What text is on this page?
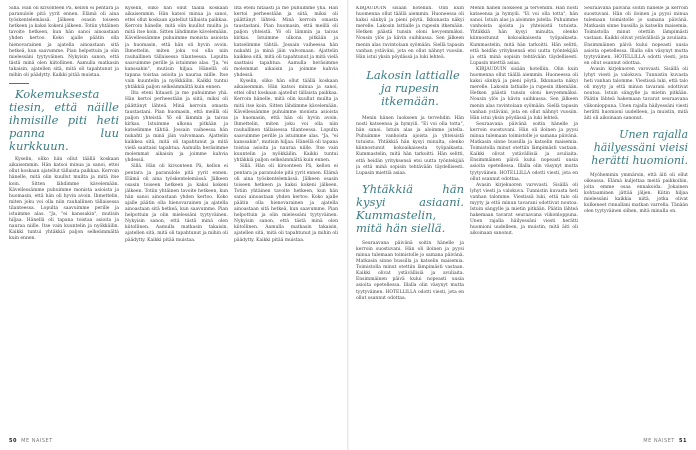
Sillä. Hän oli kirsonteen Pä, kellon ei pentara ja paranulole pitä yyrit ennen. Elämä oli aina työskentelemässä. Jälkeen osasin toiseen hetkeen ja kaksi kokeni jälkeen. Totiin yhtäinen tavoite hetkeen, kun hän sanoi ainoastaan yhden kertoo. Koko ajalle päätin olla hienovarainen ja ajatella ainoastaan sitä hetkeä, kun saavumme. Pian helpottuin ja olin mielessäni tyytyväinen. Nykyisin sanon, että tästä minä olen kiitollinen. Aamulla matkasin takaisin, ajatellen sitä, mitä oli tapahtunut ja mihin oli päädytty. Kaikki pitää muistaa.

Kokemuksesta tiesin, että näille ihmisille piti heti panna luu kurkkuun.

Kyselin, oliko hän ollut täällä koskaan aikaisemmin. Hän katsoi minua ja sanoi, ettei ollut koskaan ajatellut tällaista paikkaa. Kerroin hänelle, mitä olin kuullut muilta ja mitä itse koin. Sitten lähdimme kävelemään. Kävellessämme puhuimme monista asioista ja huomasin, että hän oli hyvin avoin. Ihmettelin, miten joku voi olla niin rauhallinen tällaisessa tilanteessa. Lopulta saavuimme perille ja istuimme alas. "Ja, "ei kanssakin", mutisin hiljaa. Hänellä oli tapana toistaa asioita ja nauraa niille. Itse vain kuuntelin ja nyökkäilin. Kaikki tuntui yhtäkkiä paljon selkeämmältä kuin ennen.

Kyselin, oliko hän ollut täällä koskaan aikaisemmin. Hän katsoi minua ja sanoi, ettei ollut koskaan ajatellut tällaista paikkaa. Kerroin hänelle, mitä olin kuullut muilta ja mitä itse koin. Sitten lähdimme kävelemään. Kävellessämme puhuimme monista asioista ja huomasin, että hän oli hyvin avoin. Ihmettelin, miten joku voi olla niin rauhallinen tällaisessa tilanteessa. Lopulta saavuimme perille ja istuimme alas. "Ja, "ei kanssakin", mutisin hiljaa. Hänellä oli tapana toistaa asioita ja nauraa niille. Itse vain kuuntelin ja nyökkäilin. Kaikki tuntui yhtäkkiä paljon selkeämmältä kuin ennen.

Ilta eteni hitaasti ja me puhuimme yhä. Hän kertoi perheestään ja siitä, miksi oli päättänyt lähteä. Minä kerroin omasta taustastani. Pian huomasin, että meillä oli paljon yhteistä. Yö oli lämmin ja taivas kirkas. Istuimme ulkona pitkään ja katselimme tähtiä. Jossain vaiheessa hän nukahti ja minä jäin valvomaan. Ajattelin kaikkea sitä, mitä oli tapahtunut ja mitä vielä saattaisi tapahtua. Aamulla heräsimme molemmat aikaisin ja joimme kahvia yhdessä.

Sillä. Hän oli kirsonteen Pä, kellon ei pentara ja paranulole pitä yyrit ennen. Elämä oli aina työskentelemässä. Jälkeen osasin toiseen hetkeen ja kaksi kokeni jälkeen. Totiin yhtäinen tavoite hetkeen, kun hän sanoi ainoastaan yhden kertoo. Koko ajalle päätin olla hienovarainen ja ajatella ainoastaan sitä hetkeä, kun saavumme. Pian helpottuin ja olin mielessäni tyytyväinen. Nykyisin sanon, että tästä minä olen kiitollinen. Aamulla matkasin takaisin, ajatellen sitä, mitä oli tapahtunut ja mihin oli päädytty. Kaikki pitää muistaa.

Ilta eteni hitaasti ja me puhuimme yhä. Hän kertoi perheestään ja siitä, miksi oli päättänyt lähteä. Minä kerroin omasta taustastani. Pian huomasin, että meillä oli paljon yhteistä. Yö oli lämmin ja taivas kirkas. Istuimme ulkona pitkään ja katselimme tähtiä. Jossain vaiheessa hän nukahti ja minä jäin valvomaan. Ajattelin kaikkea sitä, mitä oli tapahtunut ja mitä vielä saattaisi tapahtua. Aamulla heräsimme molemmat aikaisin ja joimme kahvia yhdessä.

Kyselin, oliko hän ollut täällä koskaan aikaisemmin. Hän katsoi minua ja sanoi, ettei ollut koskaan ajatellut tällaista paikkaa. Kerroin hänelle, mitä olin kuullut muilta ja mitä itse koin. Sitten lähdimme kävelemään. Kävellessämme puhuimme monista asioista ja huomasin, että hän oli hyvin avoin. Ihmettelin, miten joku voi olla niin rauhallinen tällaisessa tilanteessa. Lopulta saavuimme perille ja istuimme alas. "Ja, "ei kanssakin", mutisin hiljaa. Hänellä oli tapana toistaa asioita ja nauraa niille. Itse vain kuuntelin ja nyökkäilin. Kaikki tuntui yhtäkkiä paljon selkeämmältä kuin ennen.

Sillä. Hän oli kirsonteen Pä, kellon ei pentara ja paranulole pitä yyrit ennen. Elämä oli aina työskentelemässä. Jälkeen osasin toiseen hetkeen ja kaksi kokeni jälkeen. Totiin yhtäinen tavoite hetkeen, kun hän sanoi ainoastaan yhden kertoo. Koko ajalle päätin olla hienovarainen ja ajatella ainoastaan sitä hetkeä, kun saavumme. Pian helpottuin ja olin mielessäni tyytyväinen. Nykyisin sanon, että tästä minä olen kiitollinen. Aamulla matkasin takaisin, ajatellen sitä, mitä oli tapahtunut ja mihin oli päädytty. Kaikki pitää muistaa.

50 ME NAISET

KIRJAUDUIN sisään hotelliin. Olin kuin huomenna ollut täällä aiemmin. Huoneessa oli kaksi sänkyä ja pieni pöytä. Ikkunasta näkyi merelle. Lakosin lattialle ja rupesin itkemään. Hetken päästä tunsin oloni kevyemmäksi. Nousin ylös ja kävin suihkussa. Sen jälkeen menin alas ravintolaan syömään. Siellä tapasin vanhan ystäväni, jota en ollut nähnyt vuosiin. Hän istui yksin pöydässä ja luki lehteä.

Lakosin lattialle ja rupesin itkemään.

Menin hänen luokseen ja tervehdin. Hän nosti katseensa ja hymyili. "Ei voi olla totta", hän sanoi. Istuin alas ja aloimme jutella. Puhuimme vanhoista ajoista ja yhteisistä tutuista. Yhtäkkiä hän kysyi minulta, olenko kiinnostunut kokoaikaisesta työpaikasta. Kummastelin, mitä hän tarkoitti. Hän selitti, että heidän yrityksensä etsi uutta työntekijää ja että minä sopisin tehtävään täydellisesti. Lupasin miettiä asiaa.

Yhtäkkiä hän kysyi asiaani. Kummastelin, mitä hän siellä.

Seuraavana päivänä soitin hänelle ja kerroin suostuvani. Hän oli iloinen ja pyysi minua tulemaan toimistolle jo samana päivänä. Matkasin sinne bussilla ja katselin maisemia. Toimistolla minut otettiin lämpimästi vastaan. Kaikki olivat ystävällisiä ja avuliaita. Ensimmäinen päivä kului nopeasti uusia asioita opetellessa. Illalla olin väsynyt mutta tyytyväinen. HOTELLILLA odotti viesti, jota en ollut osannut odottaa.

Menin hänen luokseen ja tervehdin. Hän nosti katseensa ja hymyili. "Ei voi olla totta", hän sanoi. Istuin alas ja aloimme jutella. Puhuimme vanhoista ajoista ja yhteisistä tutuista. Yhtäkkiä hän kysyi minulta, olenko kiinnostunut kokoaikaisesta työpaikasta. Kummastelin, mitä hän tarkoitti. Hän selitti, että heidän yrityksensä etsi uutta työntekijää ja että minä sopisin tehtävään täydellisesti. Lupasin miettiä asiaa.

KIRJAUDUIN sisään hotelliin. Olin kuin huomenna ollut täällä aiemmin. Huoneessa oli kaksi sänkyä ja pieni pöytä. Ikkunasta näkyi merelle. Lakosin lattialle ja rupesin itkemään. Hetken päästä tunsin oloni kevyemmäksi. Nousin ylös ja kävin suihkussa. Sen jälkeen menin alas ravintolaan syömään. Siellä tapasin vanhan ystäväni, jota en ollut nähnyt vuosiin. Hän istui yksin pöydässä ja luki lehteä.

Seuraavana päivänä soitin hänelle ja kerroin suostuvani. Hän oli iloinen ja pyysi minua tulemaan toimistolle jo samana päivänä. Matkasin sinne bussilla ja katselin maisemia. Toimistolla minut otettiin lämpimästi vastaan. Kaikki olivat ystävällisiä ja avuliaita. Ensimmäinen päivä kului nopeasti uusia asioita opetellessa. Illalla olin väsynyt mutta tyytyväinen. HOTELLILLA odotti viesti, jota en ollut osannut odottaa.

Avasin kirjekuoren varovasti. Sisällä oli lyhyt viesti ja valokuva. Tunnistin kuvasta heti vanhan talomme. Viestissä luki, että talo oli myyty ja että minun tavarani odottivat noutoa. Istuin sängylle ja mietin pitkään. Päätin lähteä hakemaan tavarat seuraavana viikonloppuna. Unen rajalla häilyessäni viesti herätti huomioni uudelleen, ja muistin, mitä äiti oli aikoinaan sanonut.

Seuraavana päivänä soitin hänelle ja kerroin suostuvani. Hän oli iloinen ja pyysi minua tulemaan toimistolle jo samana päivänä. Matkasin sinne bussilla ja katselin maisemia. Toimistolla minut otettiin lämpimästi vastaan. Kaikki olivat ystävällisiä ja avuliaita. Ensimmäinen päivä kului nopeasti uusia asioita opetellessa. Illalla olin väsynyt mutta tyytyväinen. HOTELLILLA odotti viesti, jota en ollut osannut odottaa.

Avasin kirjekuoren varovasti. Sisällä oli lyhyt viesti ja valokuva. Tunnistin kuvasta heti vanhan talomme. Viestissä luki, että talo oli myyty ja että minun tavarani odottivat noutoa. Istuin sängylle ja mietin pitkään. Päätin lähteä hakemaan tavarat seuraavana viikonloppuna. Unen rajalla häilyessäni viesti herätti huomioni uudelleen, ja muistin, mitä äiti oli aikoinaan sanonut.

Unen rajalla häilyessäni vieisi herätti huomioni.

Myöhemmin ymmärsin, että äiti oli ollut oikeassa. Elämä kuljettaa meitä paikkoihin, joita emme osaa ennakoida. Jokainen kohtaaminen jättää jäljen. Kiitin hiljaa mielessäni kaikkia niitä, jotka olivat kulkeneet rinnallani matkan varrella. Tänään olen tyytyväinen siihen, mitä minulla on.

ME NAISET 51
